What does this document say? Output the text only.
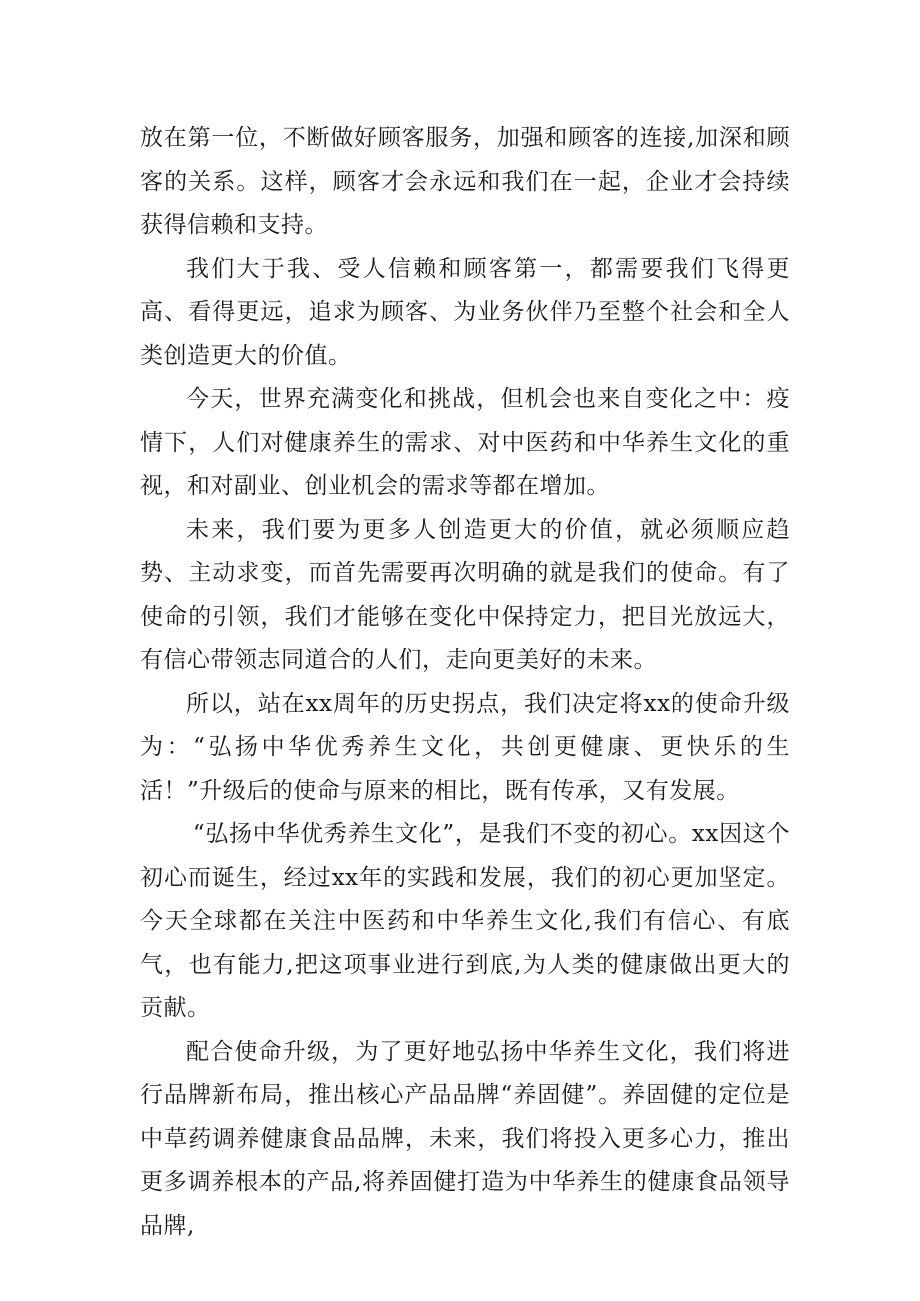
放在第一位，不断做好顾客服务，加强和顾客的连接,加深和顾客的关系。这样，顾客才会永远和我们在一起，企业才会持续获得信赖和支持。

我们大于我、受人信赖和顾客第一，都需要我们飞得更高、看得更远，追求为顾客、为业务伙伴乃至整个社会和全人类创造更大的价值。

今天，世界充满变化和挑战，但机会也来自变化之中：疫情下，人们对健康养生的需求、对中医药和中华养生文化的重视，和对副业、创业机会的需求等都在增加。

未来，我们要为更多人创造更大的价值，就必须顺应趋势、主动求变，而首先需要再次明确的就是我们的使命。有了使命的引领，我们才能够在变化中保持定力，把目光放远大，有信心带领志同道合的人们，走向更美好的未来。

所以，站在xx周年的历史拐点，我们决定将xx的使命升级为：“弘扬中华优秀养生文化，共创更健康、更快乐的生活！”升级后的使命与原来的相比，既有传承，又有发展。

“弘扬中华优秀养生文化”，是我们不变的初心。xx因这个初心而诞生，经过xx年的实践和发展，我们的初心更加坚定。今天全球都在关注中医药和中华养生文化,我们有信心、有底气，也有能力,把这项事业进行到底,为人类的健康做出更大的贡献。

配合使命升级，为了更好地弘扬中华养生文化，我们将进行品牌新布局，推出核心产品品牌“养固健”。养固健的定位是中草药调养健康食品品牌，未来，我们将投入更多心力，推出更多调养根本的产品,将养固健打造为中华养生的健康食品领导品牌,
